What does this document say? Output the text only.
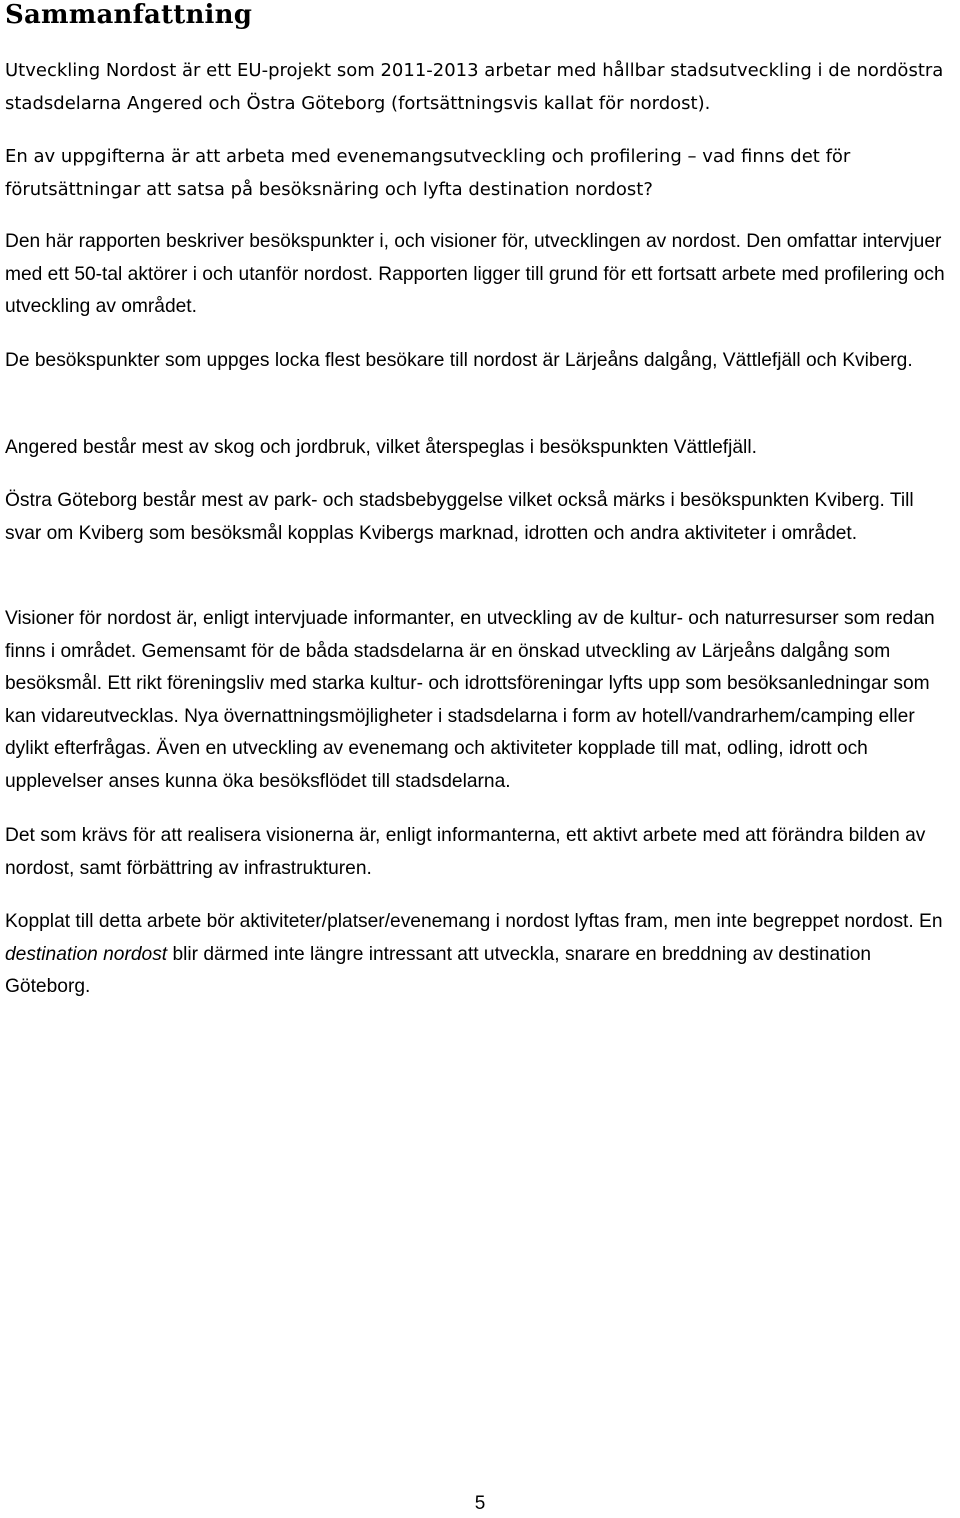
Sammanfattning

Utveckling Nordost är ett EU-projekt som 2011-2013 arbetar med hållbar stadsutveckling i de nordöstra stadsdelarna Angered och Östra Göteborg (fortsättningsvis kallat för nordost).

En av uppgifterna är att arbeta med evenemangsutveckling och profilering – vad finns det för förutsättningar att satsa på besöksnäring och lyfta destination nordost?

Den här rapporten beskriver besökspunkter i, och visioner för, utvecklingen av nordost. Den omfattar intervjuer med ett 50-tal aktörer i och utanför nordost. Rapporten ligger till grund för ett fortsatt arbete med profilering och utveckling av området.

De besökspunkter som uppges locka flest besökare till nordost är Lärjeåns dalgång, Vättlefjäll och Kviberg.

Angered består mest av skog och jordbruk, vilket återspeglas i besökspunkten Vättlefjäll.

Östra Göteborg består mest av park- och stadsbebyggelse vilket också märks i besökspunkten Kviberg. Till svar om Kviberg som besöksmål kopplas Kvibergs marknad, idrotten och andra aktiviteter i området.

Visioner för nordost är, enligt intervjuade informanter, en utveckling av de kultur- och naturresurser som redan finns i området. Gemensamt för de båda stadsdelarna är en önskad utveckling av Lärjeåns dalgång som besöksmål. Ett rikt föreningsliv med starka kultur- och idrottsföreningar lyfts upp som besöksanledningar som kan vidareutvecklas. Nya övernattningsmöjligheter i stadsdelarna i form av hotell/vandrarhem/camping eller dylikt efterfrågas. Även en utveckling av evenemang och aktiviteter kopplade till mat, odling, idrott och upplevelser anses kunna öka besöksflödet till stadsdelarna.

Det som krävs för att realisera visionerna är, enligt informanterna, ett aktivt arbete med att förändra bilden av nordost, samt förbättring av infrastrukturen.

Kopplat till detta arbete bör aktiviteter/platser/evenemang i nordost lyftas fram, men inte begreppet nordost. En destination nordost blir därmed inte längre intressant att utveckla, snarare en breddning av destination Göteborg.

5
